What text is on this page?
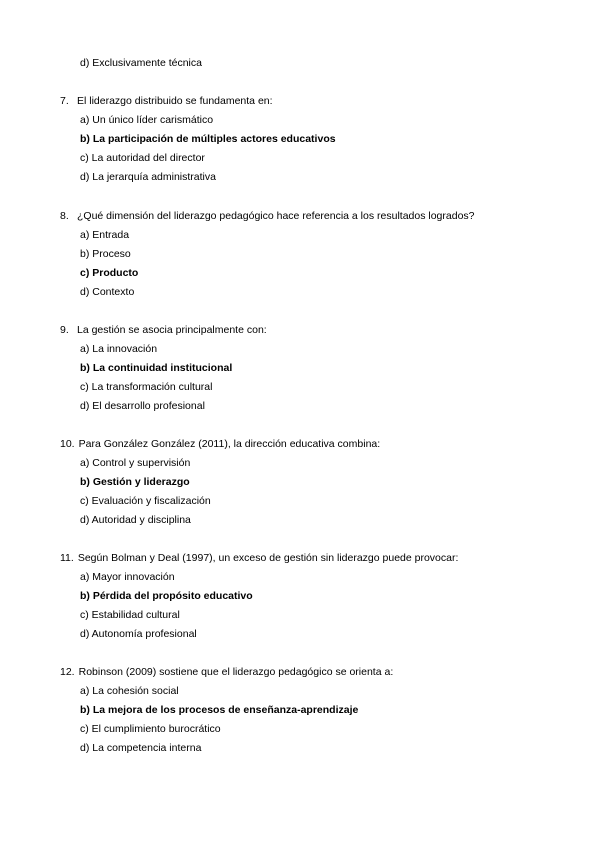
d) Exclusivamente técnica
7. El liderazgo distribuido se fundamenta en:
a) Un único líder carismático
b) La participación de múltiples actores educativos
c) La autoridad del director
d) La jerarquía administrativa
8. ¿Qué dimensión del liderazgo pedagógico hace referencia a los resultados logrados?
a) Entrada
b) Proceso
c) Producto
d) Contexto
9. La gestión se asocia principalmente con:
a) La innovación
b) La continuidad institucional
c) La transformación cultural
d) El desarrollo profesional
10. Para González González (2011), la dirección educativa combina:
a) Control y supervisión
b) Gestión y liderazgo
c) Evaluación y fiscalización
d) Autoridad y disciplina
11. Según Bolman y Deal (1997), un exceso de gestión sin liderazgo puede provocar:
a) Mayor innovación
b) Pérdida del propósito educativo
c) Estabilidad cultural
d) Autonomía profesional
12. Robinson (2009) sostiene que el liderazgo pedagógico se orienta a:
a) La cohesión social
b) La mejora de los procesos de enseñanza-aprendizaje
c) El cumplimiento burocrático
d) La competencia interna
